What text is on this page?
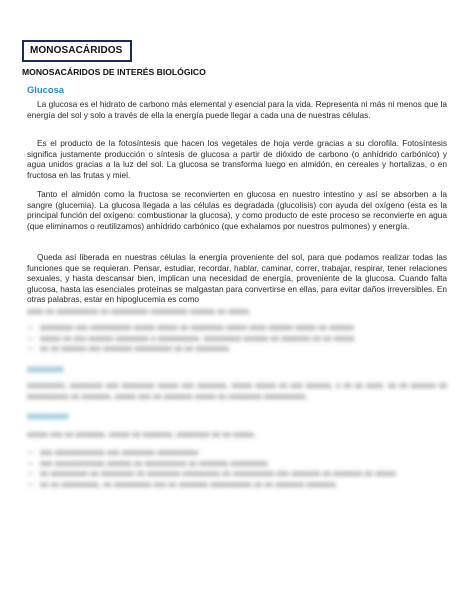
MONOSACÁRIDOS
MONOSACÁRIDOS DE INTERÉS BIOLÓGICO
Glucosa

La glucosa es el hidrato de carbono más elemental y esencial para la vida. Representa ni más ni menos que la energía del sol y solo a través de ella la energía puede llegar a cada una de nuestras células.

Es el producto de la fotosíntesis que hacen los vegetales de hoja verde gracias a su clorofila. Fotosíntesis significa justamente producción o síntesis de glucosa a partir de dióxido de carbono (o anhídrido carbónico) y agua unidos gracias a la luz del sol. La glucosa se transforma luego en almidón, en cereales y hortalizas, o en fructosa en las frutas y miel.

Tanto el almidón como la fructosa se reconvierten en glucosa en nuestro intestino y así se absorben a la sangre (glucemia). La glucosa llegada a las células es degradada (glucolisis) con ayuda del oxígeno (esta es la principal función del oxígeno: combustionar la glucosa), y como producto de este proceso se reconvierte en agua (que eliminamos o reutilizamos) anhídrido carbónico (que exhalamos por nuestros pulmones) y energía.

Queda así liberada en nuestras células la energía proveniente del sol, para que podamos realizar todas las funciones que se requieran. Pensar, estudiar, recordar, hablar, caminar, correr, trabajar, respirar, tener relaciones sexuales, y hasta descansar bien, implican una necesidad de energía, proveniente de la glucosa. Cuando falta glucosa, hasta las esenciales proteínas se malgastan para convertirse en ellas, para evitar daños irreversibles. En otras palabras, estar en hipoglucemia es como

xxxx xx xxxxxxxxxx xx xxxxxxxxx xxxxxxxxx xxxxxx xx xxxxx.

– xxxxxxxx xxx xxxxxxxxxx xxxxx xxxxx xx xxxxxxxx xxxxx xxxx xxxxxx xxxxx xx xxxxxx
– xxxxx xx xxx xxxxxx xxxxxxxx x xxxxxxxxxx. xxxxxxxxx xxxxxx xx xxxxxxx xx xx xxxxx
– xx xx xxxxxx xxx xxxxxxx xxxxxxxxx xx xx xxxxxxxx.
xxxxxxx

xxxxxxxxx, xxxxxxxx xxx xxxxxxxx xxxxx xxx xxxxxxx, xxxxx xxxxx xx xxx xxxxxx, x xx xx xxxx. xx xx xxxxxx xx xxxxxxxxxx xx xxxxxxx, xxxxx xxx xx xxxxxxx xxxxx xx xxxxxxxx xxxxxxxxxx.

xxxxxxxx

xxxxx xxx xx xxxxxxx, xxxxx xx xxxxxxx, xxxxxxxx xx xx xxxxx.

– xxx xxxxxxxxxxxx xxx xxxxxxxx xxxxxxxxxx
– xxx xxxxxxxxxxxx xxxxxx xx xxxxxxxxxx xx xxxxxxx xxxxxxxxx
– xx xxxxxxxxx xx xxxxxxxx xx xxxxxxxx xxxxxxxxx xx xxxxxxxxxx xxx xxxxxxx xx xxxxxxx xx xxxxx
– xx xx xxxxxxxxx, xx xxxxxxxxx xxx xx xxxxxxx xxxxxxxxxx xx xx xxxxxxx xxxxxxx.
